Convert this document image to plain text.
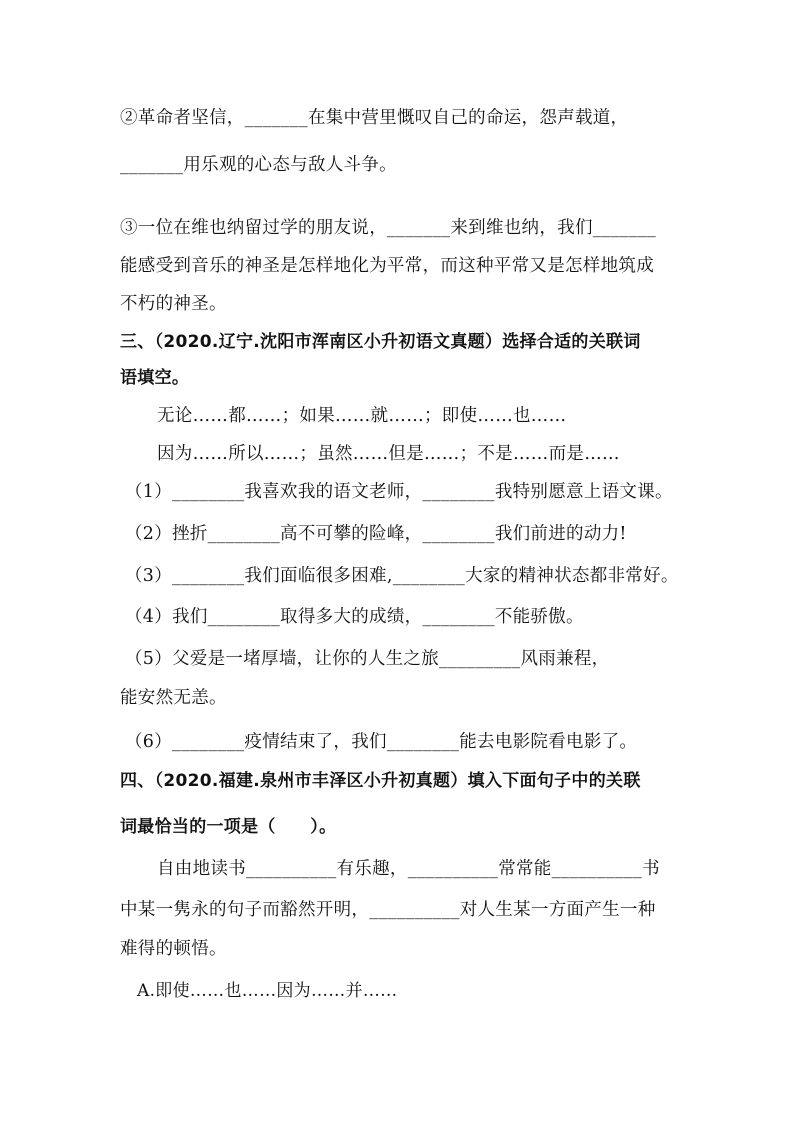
②革命者坚信，_______在集中营里慨叹自己的命运，怨声载道，
_______用乐观的心态与敌人斗争。
③一位在维也纳留过学的朋友说，_______来到维也纳，我们_______
能感受到音乐的神圣是怎样地化为平常，而这种平常又是怎样地筑成
不朽的神圣。
三、（2020.辽宁.沈阳市浑南区小升初语文真题）选择合适的关联词
语填空。
无论……都……；如果……就……；即使……也……
因为……所以……；虽然……但是……；不是……而是……
（1）________我喜欢我的语文老师，________我特别愿意上语文课。
（2）挫折________高不可攀的险峰，________我们前进的动力!
（3）________我们面临很多困难,________大家的精神状态都非常好。
（4）我们________取得多大的成绩，________不能骄傲。
（5）父爱是一堵厚墙，让你的人生之旅_________风雨兼程，
能安然无恙。
（6）________疫情结束了，我们________能去电影院看电影了。
四、（2020.福建.泉州市丰泽区小升初真题）填入下面句子中的关联
词最恰当的一项是（　　）。
自由地读书__________有乐趣，__________常常能__________书
中某一隽永的句子而豁然开明，__________对人生某一方面产生一种
难得的顿悟。
A.即使……也……因为……并……
